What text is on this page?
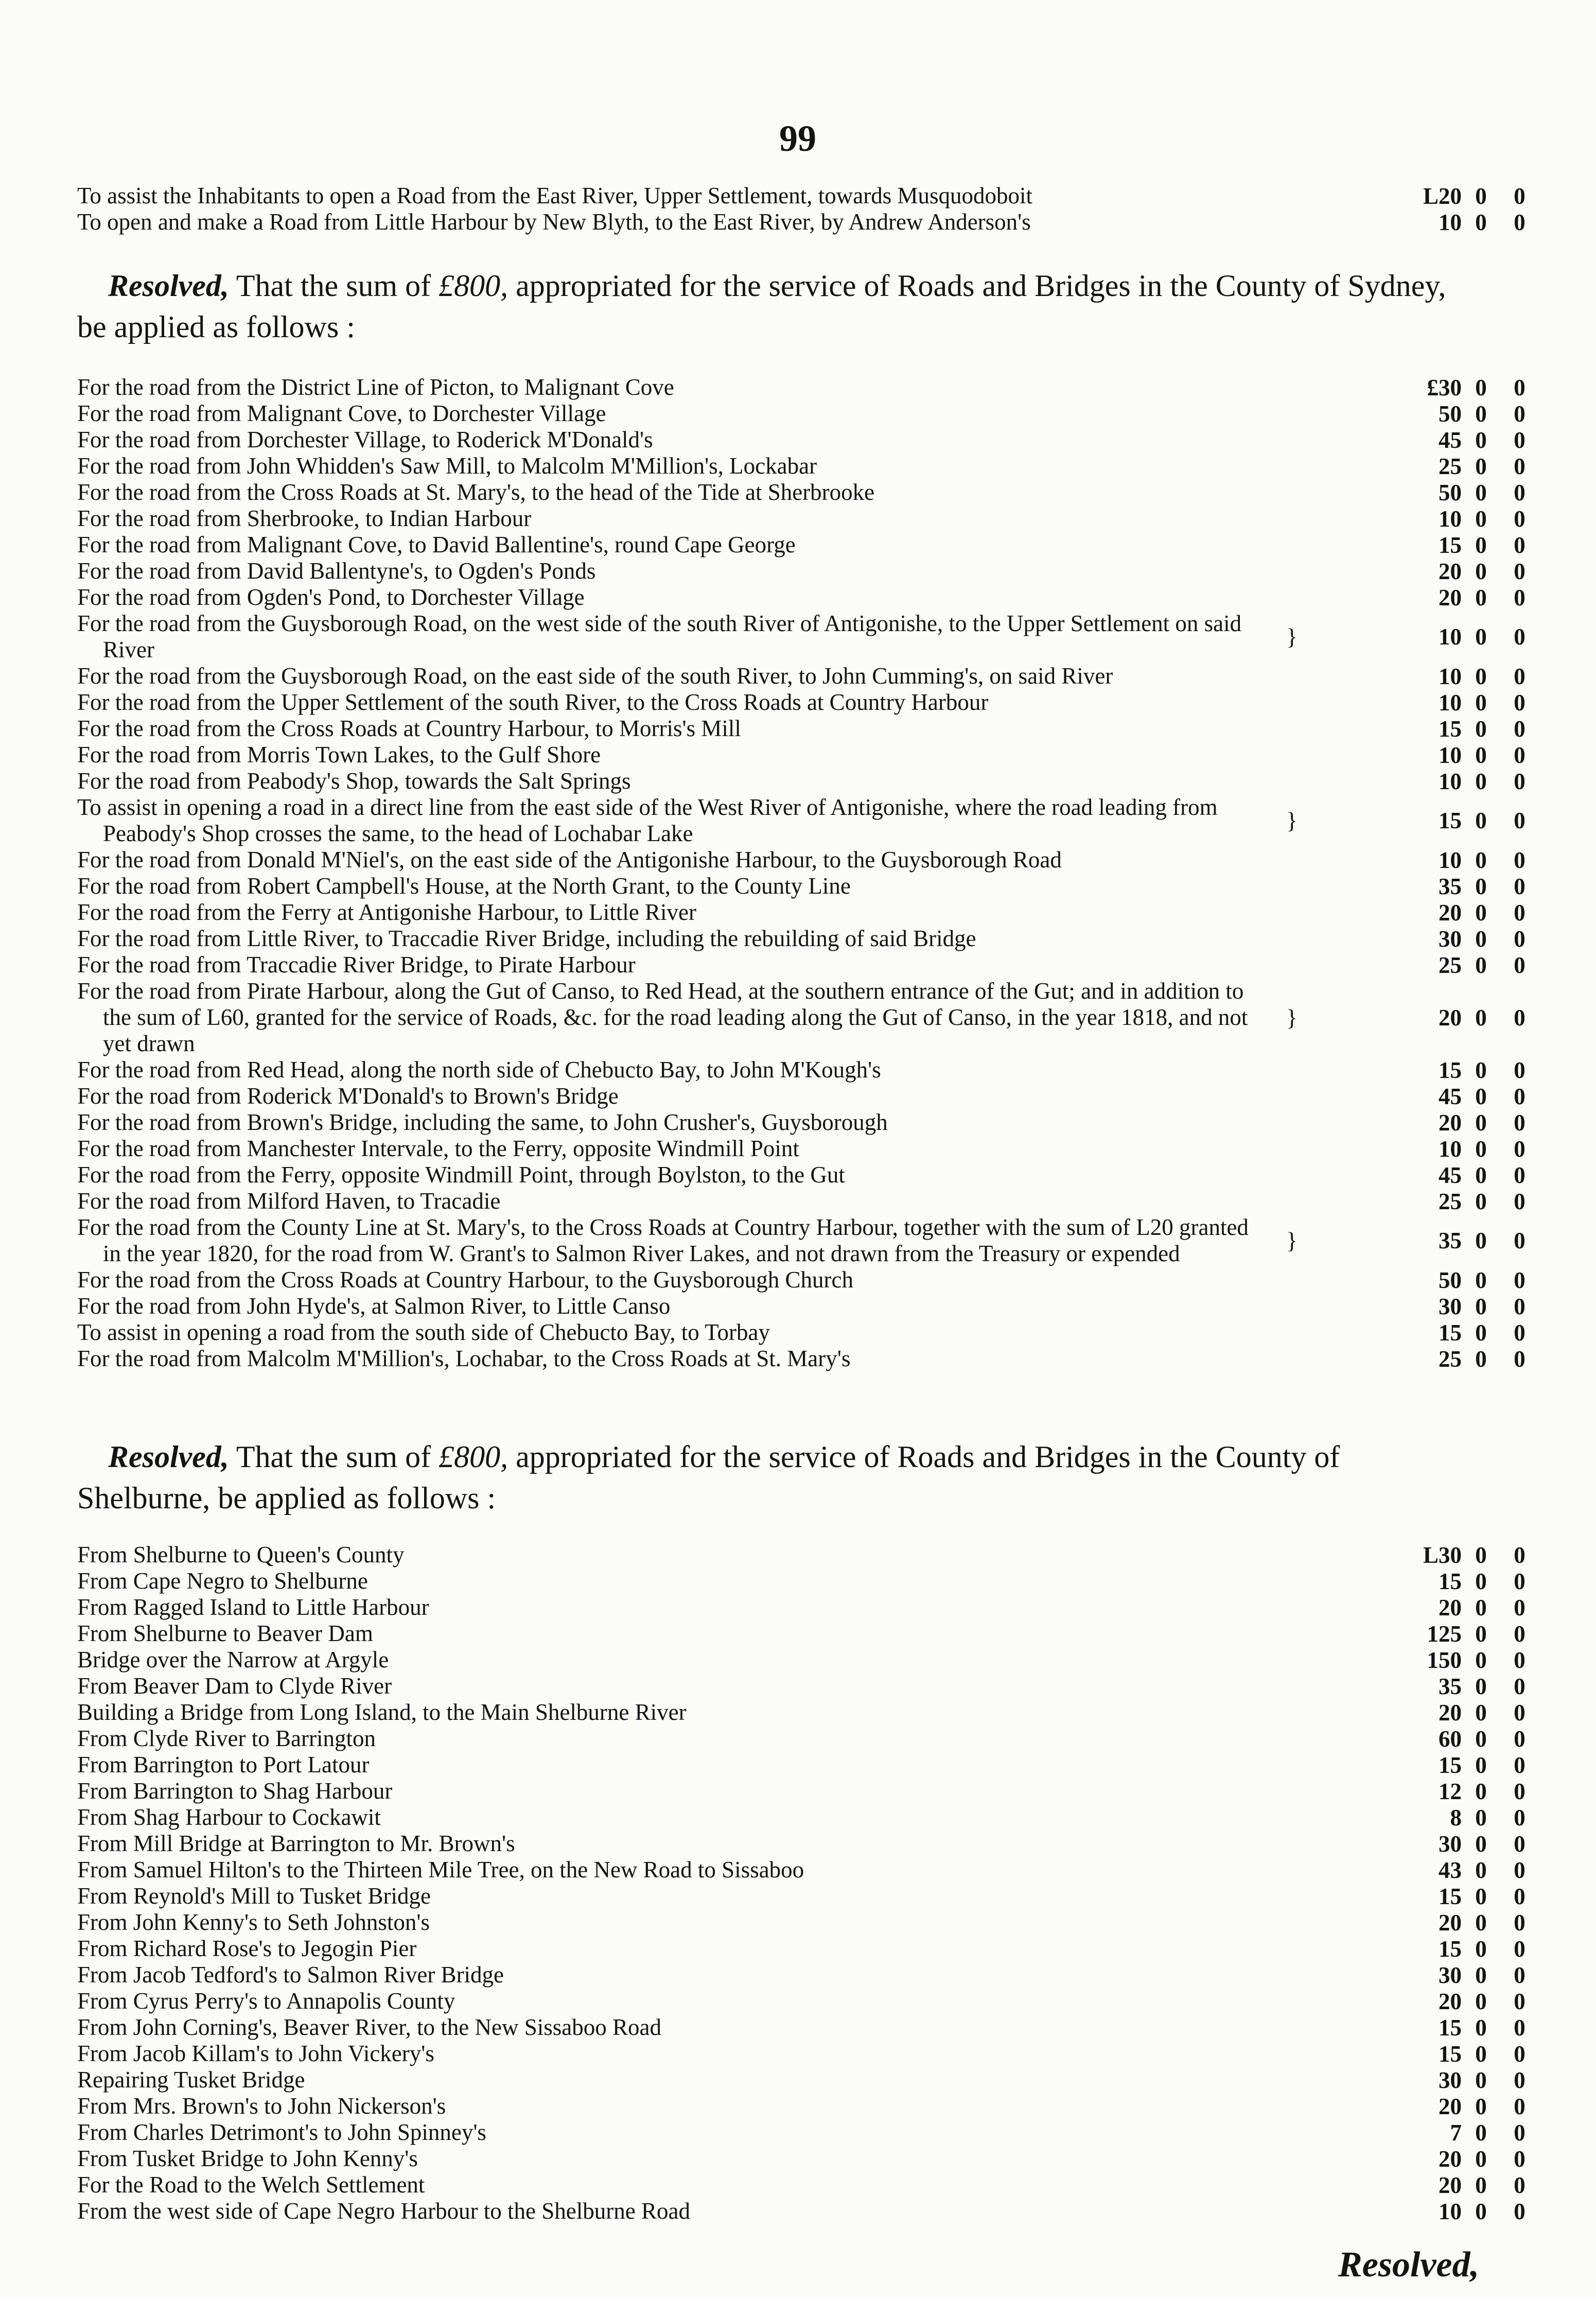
99
To assist the Inhabitants to open a Road from the East River, Upper Settlement, towards Musquodoboit	L20 0	0
To open and make a Road from Little Harbour by New Blyth, to the East River, by Andrew Anderson's	10 0	0
Resolved, That the sum of £800, appropriated for the service of Roads and Bridges in the County of Sydney, be applied as follows :
For the road from the District Line of Picton, to Malignant Cove	£30 0	0
For the road from Malignant Cove, to Dorchester Village	50 0	0
For the road from Dorchester Village, to Roderick M'Donald's	45 0	0
For the road from John Whidden's Saw Mill, to Malcolm M'Million's, Lockabar	25 0	0
For the road from the Cross Roads at St. Mary's, to the head of the Tide at Sherbrooke	50 0	0
For the road from Sherbrooke, to Indian Harbour	10 0	0
For the road from Malignant Cove, to David Ballentine's, round Cape George	15 0	0
For the road from David Ballentyne's, to Ogden's Ponds	20 0	0
For the road from Ogden's Pond, to Dorchester Village	20 0	0
For the road from the Guysborough Road, on the west side of the south River of Antigonishe, to the Upper Settlement on said River	}	10 0	0
For the road from the Guysborough Road, on the east side of the south River, to John Cumming's, on said River	10 0	0
For the road from the Upper Settlement of the south River, to the Cross Roads at Country Harbour	10 0	0
For the road from the Cross Roads at Country Harbour, to Morris's Mill	15 0	0
For the road from Morris Town Lakes, to the Gulf Shore	10 0	0
For the road from Peabody's Shop, towards the Salt Springs	10 0	0
To assist in opening a road in a direct line from the east side of the West River of Antigonishe, where the road leading from Peabody's Shop crosses the same, to the head of Lochabar Lake	}	15 0	0
For the road from Donald M'Niel's, on the east side of the Antigonishe Harbour, to the Guysborough Road	10 0	0
For the road from Robert Campbell's House, at the North Grant, to the County Line	35 0	0
For the road from the Ferry at Antigonishe Harbour, to Little River	20 0	0
For the road from Little River, to Traccadie River Bridge, including the rebuilding of said Bridge	30 0	0
For the road from Traccadie River Bridge, to Pirate Harbour	25 0	0
For the road from Pirate Harbour, along the Gut of Canso, to Red Head, at the southern entrance of the Gut; and in addition to the sum of L60, granted for the service of Roads, &c. for the road leading along the Gut of Canso, in the year 1818, and not yet drawn
}	20 0	0
For the road from Red Head, along the north side of Chebucto Bay, to John M'Kough's	15 0	0
For the road from Roderick M'Donald's to Brown's Bridge	45 0	0
For the road from Brown's Bridge, including the same, to John Crusher's, Guysborough	20 0	0
For the road from Manchester Intervale, to the Ferry, opposite Windmill Point	10 0	0
For the road from the Ferry, opposite Windmill Point, through Boylston, to the Gut	45 0	0
For the road from Milford Haven, to Tracadie	25 0	0
For the road from the County Line at St. Mary's, to the Cross Roads at Country Harbour, together with the sum of L20 granted in the year 1820, for the road from W. Grant's to Salmon River Lakes, and not drawn from the Treasury or expended	}	35 0	0
For the road from the Cross Roads at Country Harbour, to the Guysborough Church	50 0	0
For the road from John Hyde's, at Salmon River, to Little Canso	30 0	0
To assist in opening a road from the south side of Chebucto Bay, to Torbay	15 0	0
For the road from Malcolm M'Million's, Lochabar, to the Cross Roads at St. Mary's	25 0	0
Resolved, That the sum of £800, appropriated for the service of Roads and Bridges in the County of Shelburne, be applied as follows :
From Shelburne to Queen's County	L30 0	0
From Cape Negro to Shelburne	15 0	0
From Ragged Island to Little Harbour	20 0	0
From Shelburne to Beaver Dam	125 0	0
Bridge over the Narrow at Argyle	150 0	0
From Beaver Dam to Clyde River	35 0	0
Building a Bridge from Long Island, to the Main Shelburne River	20 0	0
From Clyde River to Barrington	60 0	0
From Barrington to Port Latour	15 0	0
From Barrington to Shag Harbour	12 0	0
From Shag Harbour to Cockawit	8 0	0
From Mill Bridge at Barrington to Mr. Brown's	30 0	0
From Samuel Hilton's to the Thirteen Mile Tree, on the New Road to Sissaboo	43 0	0
From Reynold's Mill to Tusket Bridge	15 0	0
From John Kenny's to Seth Johnston's	20 0	0
From Richard Rose's to Jegogin Pier	15 0	0
From Jacob Tedford's to Salmon River Bridge	30 0	0
From Cyrus Perry's to Annapolis County	20 0	0
From John Corning's, Beaver River, to the New Sissaboo Road	15 0	0
From Jacob Killam's to John Vickery's	15 0	0
Repairing Tusket Bridge	30 0	0
From Mrs. Brown's to John Nickerson's	20 0	0
From Charles Detrimont's to John Spinney's	7 0	0
From Tusket Bridge to John Kenny's	20 0	0
For the Road to the Welch Settlement	20 0	0
From the west side of Cape Negro Harbour to the Shelburne Road	10 0	0
Resolved,
